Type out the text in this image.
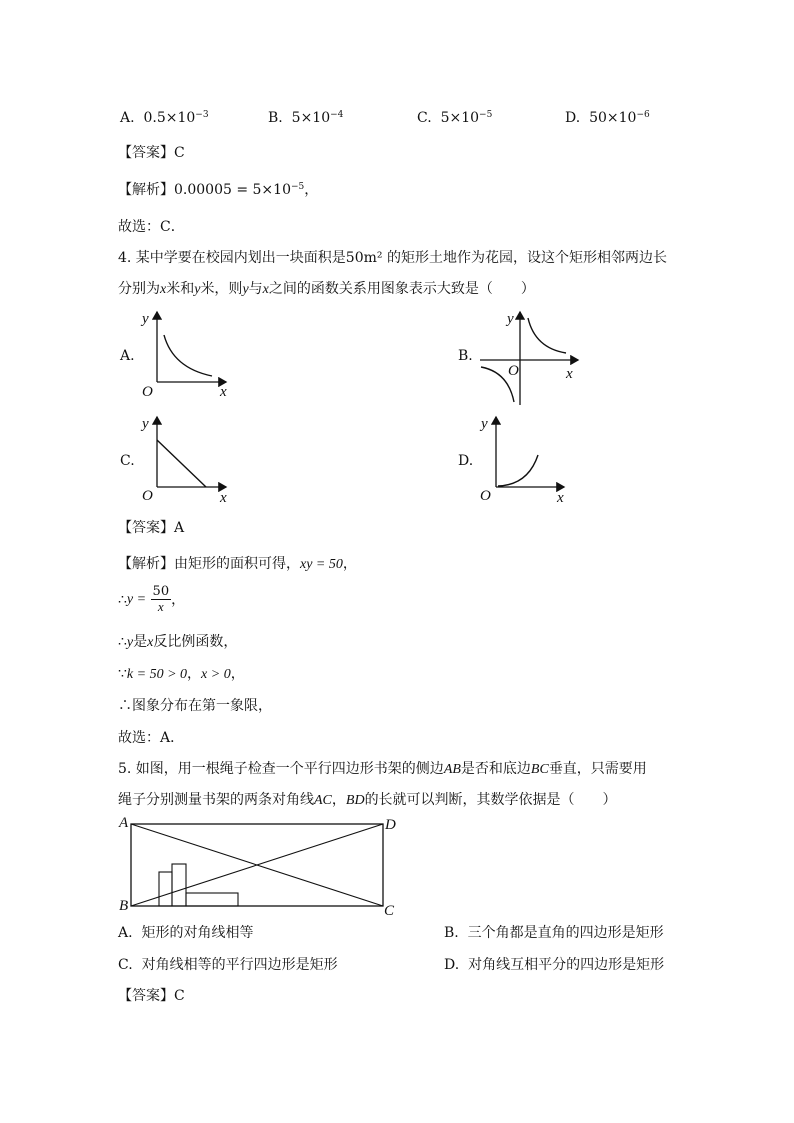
A. $0.5\times 10^{-3}$	B. $5\times 10^{-4}$	C. $5\times 10^{-5}$	D. $50\times 10^{-6}$
【答案】C
【解析】$0.00005 = 5\times 10^{-5}$，
故选：C．
4. 某中学要在校园内划出一块面积是50m² 的矩形土地作为花园，设这个矩形相邻两边长
分别为x米和y米，则y与x之间的函数关系用图象表示大致是（　　）
A.
y
O	x
B.
y
O	x
C.
y
O	x
D.
y
O	x
【答案】A
【解析】由矩形的面积可得，xy = 50，
∴y = $\frac{50}{x}$ ，
∴y是x反比例函数，
∵k = 50 > 0，x > 0，
∴图象分布在第一象限，
故选：A．
5. 如图，用一根绳子检查一个平行四边形书架的侧边AB是否和底边BC垂直，只需要用
绳子分别测量书架的两条对角线AC，BD的长就可以判断，其数学依据是（　　）
A	D
B	C
A. 矩形的对角线相等	B. 三个角都是直角的四边形是矩形
C. 对角线相等的平行四边形是矩形	D. 对角线互相平分的四边形是矩形
【答案】C
